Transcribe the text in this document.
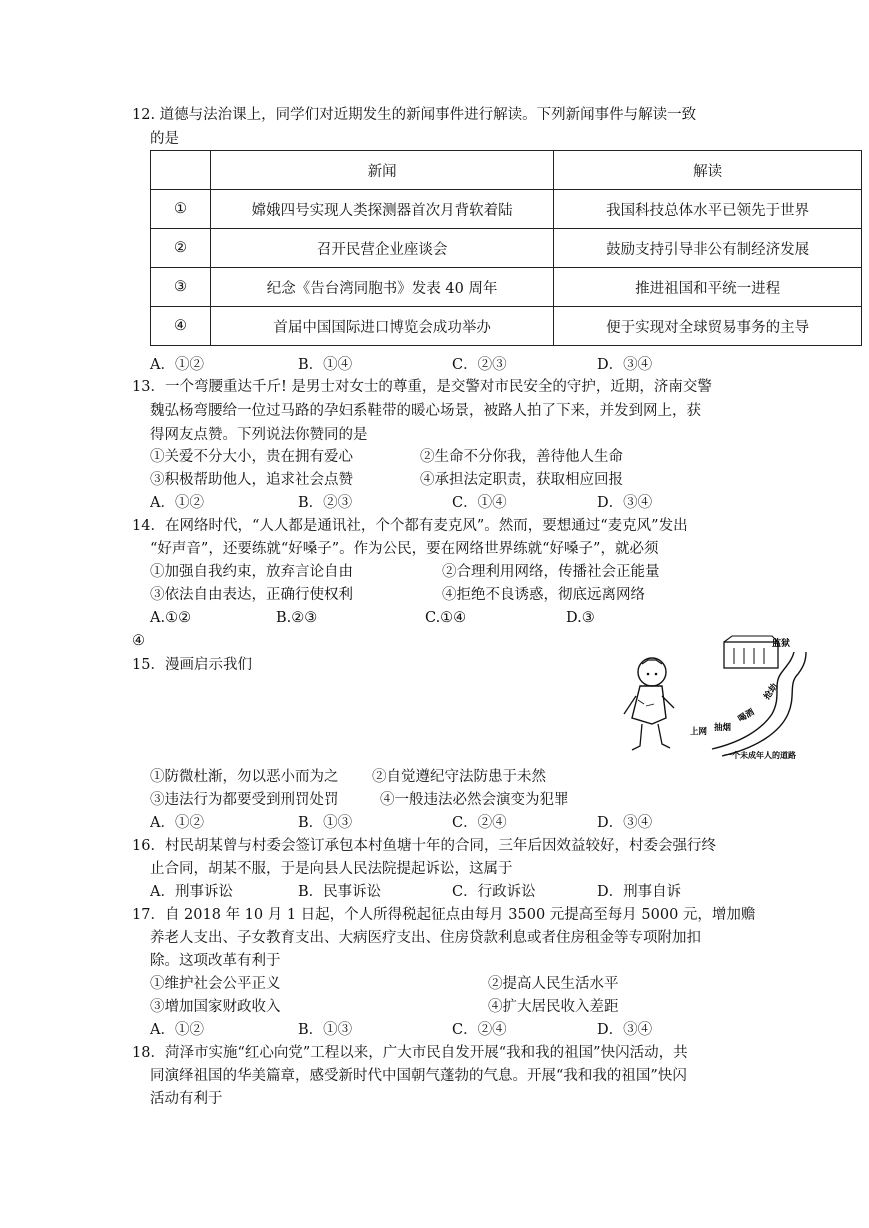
12. 道德与法治课上，同学们对近期发生的新闻事件进行解读。下列新闻事件与解读一致
的是
	新闻	解读
①	嫦娥四号实现人类探测器首次月背软着陆	我国科技总体水平已领先于世界
②	召开民营企业座谈会	鼓励支持引导非公有制经济发展
③	纪念《告台湾同胞书》发表 40 周年	推进祖国和平统一进程
④	首届中国国际进口博览会成功举办	便于实现对全球贸易事务的主导
A．①②	B．①④	C．②③	D．③④
13．一个弯腰重达千斤! 是男士对女士的尊重，是交警对市民安全的守护，近期，济南交警
魏弘杨弯腰给一位过马路的孕妇系鞋带的暖心场景，被路人拍了下来，并发到网上，获
得网友点赞。下列说法你赞同的是
①关爱不分大小，贵在拥有爱心	②生命不分你我，善待他人生命
③积极帮助他人，追求社会点赞	④承担法定职责，获取相应回报
A．①②	B．②③	C．①④	D．③④
14．在网络时代，“人人都是通讯社，个个都有麦克风”。然而，要想通过“麦克风”发出
“好声音”，还要练就“好嗓子”。作为公民，要在网络世界练就“好嗓子”，就必须
①加强自我约束，放弃言论自由	②合理利用网络，传播社会正能量
③依法自由表达，正确行使权利	④拒绝不良诱惑，彻底远离网络
A.①②	B.②③	C.①④	D.③
④
15．漫画启示我们
监狱
上网 抽烟
喝酒
抢劫
一个未成年人的道路
①防微杜渐，勿以恶小而为之 ②自觉遵纪守法防患于未然
③违法行为都要受到刑罚处罚	④一般违法必然会演变为犯罪
A．①②	B．①③	C．②④	D．③④
16．村民胡某曾与村委会签订承包本村鱼塘十年的合同，三年后因效益较好，村委会强行终
止合同，胡某不服，于是向县人民法院提起诉讼，这属于
A．刑事诉讼	B．民事诉讼	C．行政诉讼	D．刑事自诉
17．自 2018 年 10 月 1 日起，个人所得税起征点由每月 3500 元提高至每月 5000 元，增加赡
养老人支出、子女教育支出、大病医疗支出、住房贷款利息或者住房租金等专项附加扣
除。这项改革有利于
①维护社会公平正义	②提高人民生活水平
③增加国家财政收入	④扩大居民收入差距
A．①②	B．①③	C．②④	D．③④
18．菏泽市实施“红心向党”工程以来，广大市民自发开展“我和我的祖国”快闪活动，共
同演绎祖国的华美篇章，感受新时代中国朝气蓬勃的气息。开展“我和我的祖国”快闪
活动有利于
